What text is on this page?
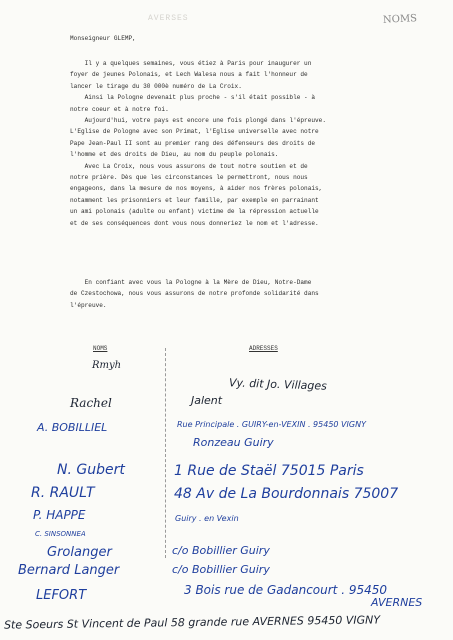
AVERSES	NOMS
Monseigneur GLEMP,
Il y a quelques semaines, vous étiez à Paris pour inaugurer un
foyer de jeunes Polonais, et Lech Walesa nous a fait l'honneur de
lancer le tirage du 30 000è numéro de La Croix.
Ainsi la Pologne devenait plus proche - s'il était possible - à
notre coeur et à notre foi.
Aujourd'hui, votre pays est encore une fois plongé dans l'épreuve.
L'Eglise de Pologne avec son Primat, l'Eglise universelle avec notre
Pape Jean-Paul II sont au premier rang des défenseurs des droits de
l'homme et des droits de Dieu, au nom du peuple polonais.
Avec La Croix, nous vous assurons de tout notre soutien et de
notre prière. Dès que les circonstances le permettront, nous nous
engageons, dans la mesure de nos moyens, à aider nos frères polonais,
notamment les prisonniers et leur famille, par exemple en parrainant
un ami polonais (adulte ou enfant) victime de la répression actuelle
et de ses conséquences dont vous nous donneriez le nom et l'adresse.
En confiant avec vous la Pologne à la Mère de Dieu, Notre-Dame
de Czestochowa, nous vous assurons de notre profonde solidarité dans
l'épreuve.
NOMS	ADRESSES
Rmyh
Rachel
A. BOBILLIEL
N. Gubert
R. RAULT
P. HAPPE
C. SINSONNEA
Grolanger
Bernard Langer
LEFORT
Vy. dit Jo. Villages
Jalent
Rue Principale . GUIRY-en-VEXIN . 95450 VIGNY
Ronzeau Guiry
1 Rue de Staël 75015 Paris
48 Av de La Bourdonnais 75007
Guiry . en Vexin
c/o Bobillier Guiry
c/o Bobillier Guiry
3 Bois rue de Gadancourt . 95450
AVERNES
Ste Soeurs St Vincent de Paul 58 grande rue AVERNES 95450 VIGNY
